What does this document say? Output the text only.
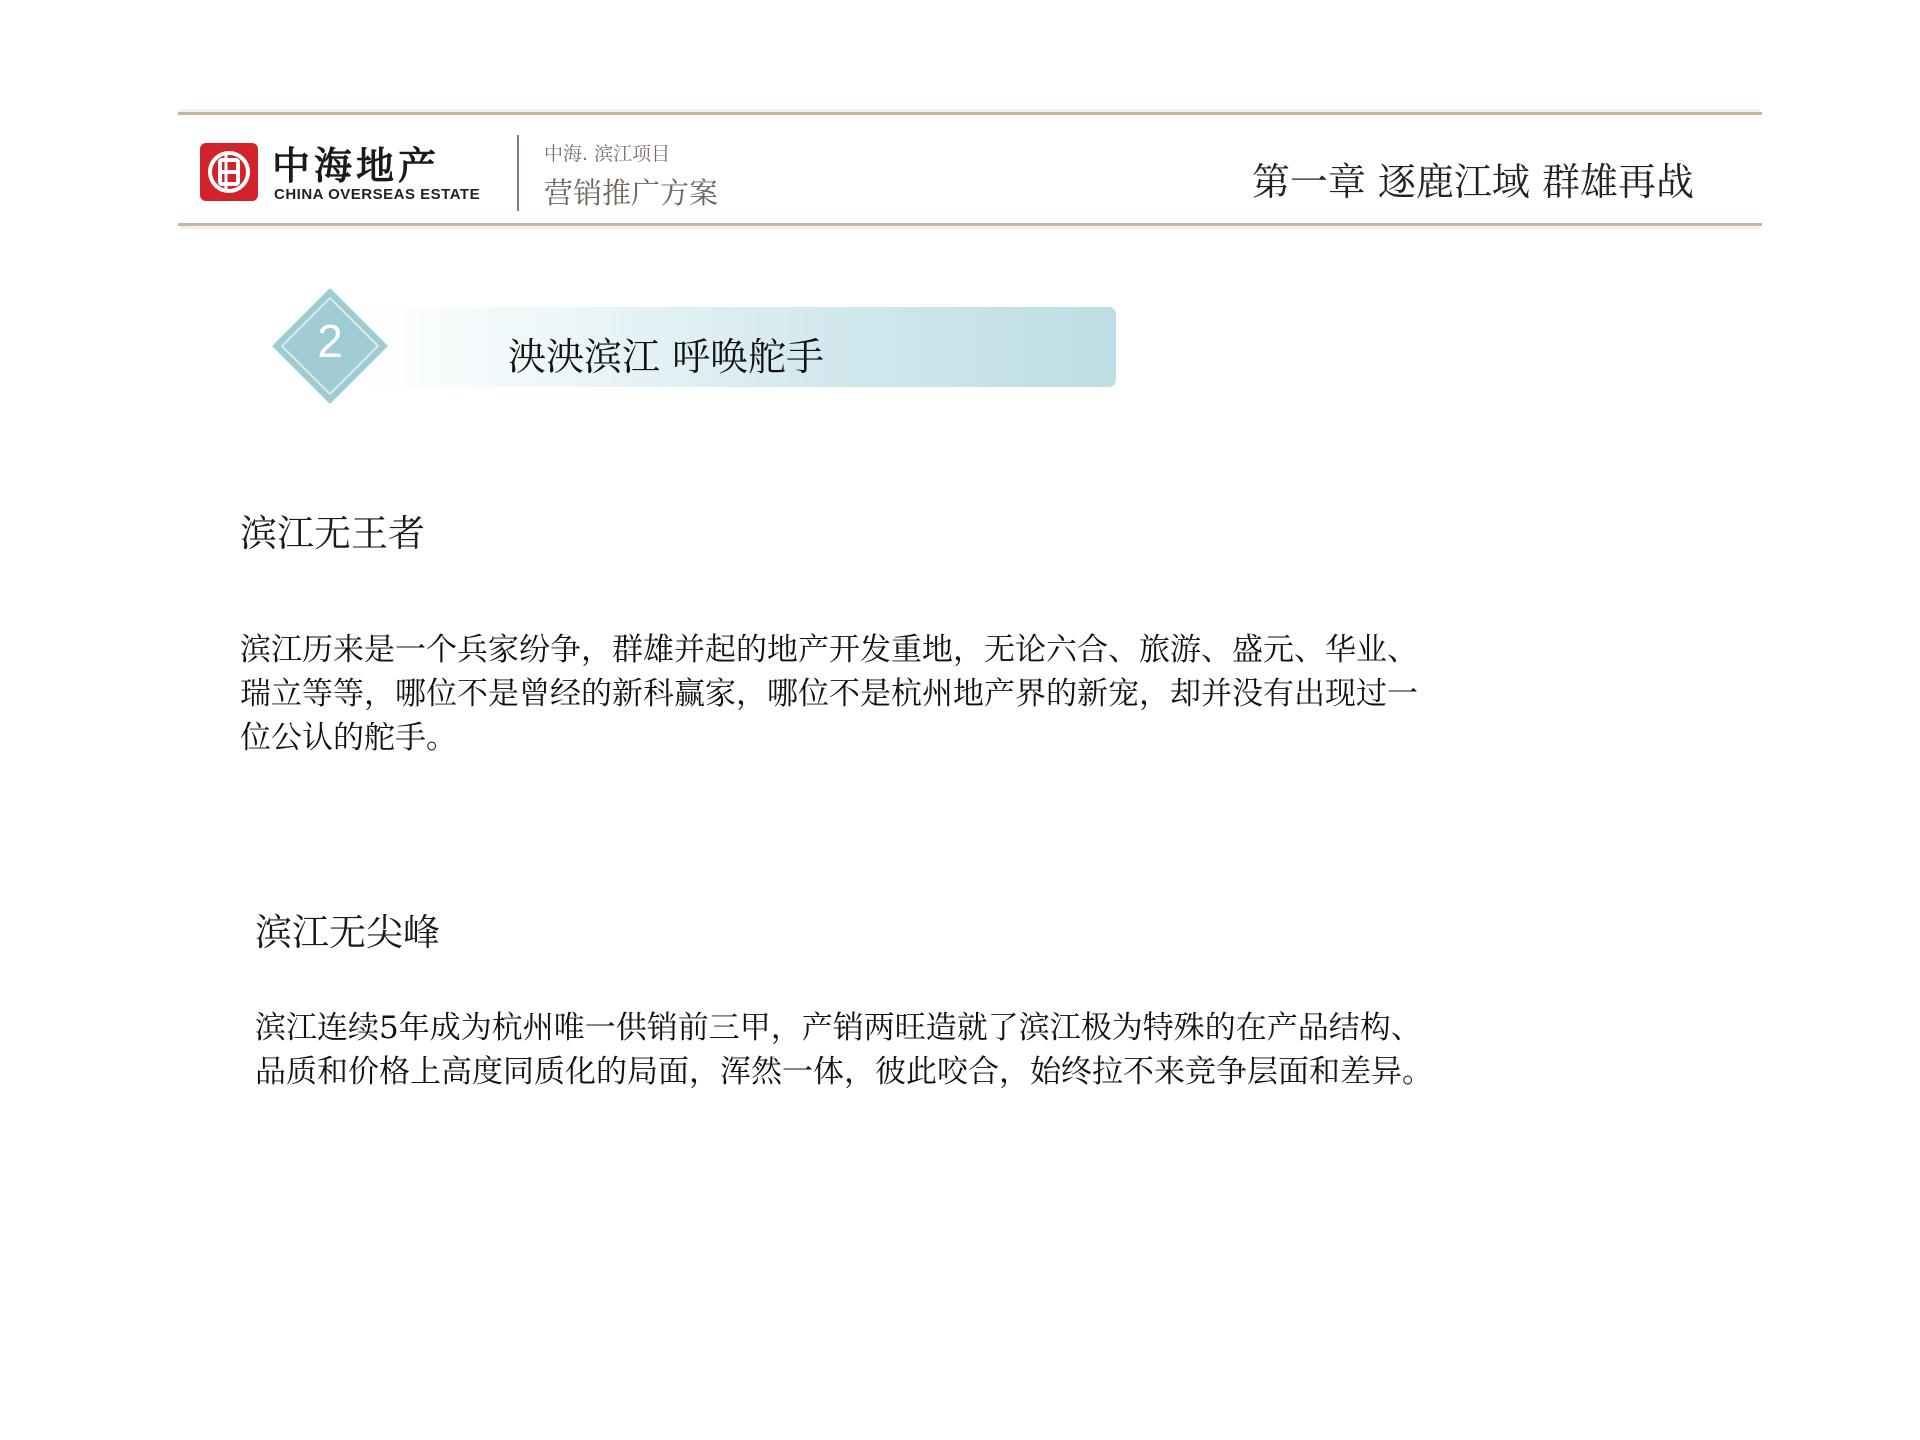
中海地产
CHINA OVERSEAS ESTATE
中海. 滨江项目
营销推广方案	第一章 逐鹿江域 群雄再战
2	泱泱滨江 呼唤舵手
滨江无王者
滨江历来是一个兵家纷争，群雄并起的地产开发重地，无论六合、旅游、盛元、华业、
瑞立等等，哪位不是曾经的新科赢家，哪位不是杭州地产界的新宠，却并没有出现过一
位公认的舵手。
滨江无尖峰
滨江连续5年成为杭州唯一供销前三甲，产销两旺造就了滨江极为特殊的在产品结构、
品质和价格上高度同质化的局面，浑然一体，彼此咬合，始终拉不来竞争层面和差异。
